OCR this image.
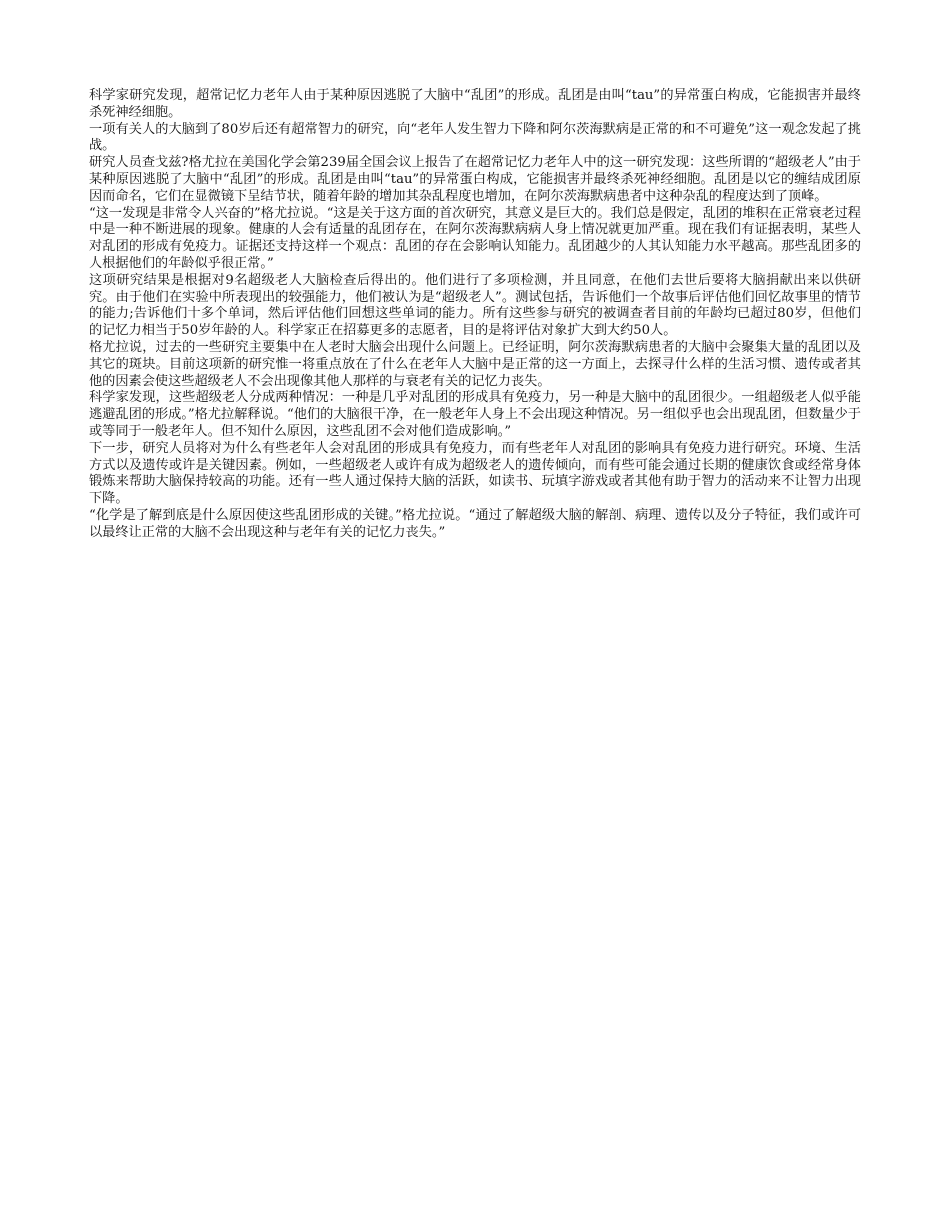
科学家研究发现，超常记忆力老年人由于某种原因逃脱了大脑中“乱团”的形成。乱团是由叫“tau”的异常蛋白构成，它能损害并最终杀死神经细胞。

一项有关人的大脑到了80岁后还有超常智力的研究，向“老年人发生智力下降和阿尔茨海默病是正常的和不可避免”这一观念发起了挑战。

研究人员查戈兹?格尤拉在美国化学会第239届全国会议上报告了在超常记忆力老年人中的这一研究发现：这些所谓的“超级老人”由于某种原因逃脱了大脑中“乱团”的形成。乱团是由叫“tau”的异常蛋白构成，它能损害并最终杀死神经细胞。乱团是以它的缠结成团原因而命名，它们在显微镜下呈结节状，随着年龄的增加其杂乱程度也增加，在阿尔茨海默病患者中这种杂乱的程度达到了顶峰。

“这一发现是非常令人兴奋的”格尤拉说。“这是关于这方面的首次研究，其意义是巨大的。我们总是假定，乱团的堆积在正常衰老过程中是一种不断进展的现象。健康的人会有适量的乱团存在，在阿尔茨海默病病人身上情况就更加严重。现在我们有证据表明，某些人对乱团的形成有免疫力。证据还支持这样一个观点：乱团的存在会影响认知能力。乱团越少的人其认知能力水平越高。那些乱团多的人根据他们的年龄似乎很正常。”

这项研究结果是根据对9名超级老人大脑检查后得出的。他们进行了多项检测，并且同意，在他们去世后要将大脑捐献出来以供研究。由于他们在实验中所表现出的较强能力，他们被认为是“超级老人”。测试包括，告诉他们一个故事后评估他们回忆故事里的情节的能力;告诉他们十多个单词，然后评估他们回想这些单词的能力。所有这些参与研究的被调查者目前的年龄均已超过80岁，但他们的记忆力相当于50岁年龄的人。科学家正在招募更多的志愿者，目的是将评估对象扩大到大约50人。

格尤拉说，过去的一些研究主要集中在人老时大脑会出现什么问题上。已经证明，阿尔茨海默病患者的大脑中会聚集大量的乱团以及其它的斑块。目前这项新的研究惟一将重点放在了什么在老年人大脑中是正常的这一方面上，去探寻什么样的生活习惯、遗传或者其他的因素会使这些超级老人不会出现像其他人那样的与衰老有关的记忆力丧失。

科学家发现，这些超级老人分成两种情况：一种是几乎对乱团的形成具有免疫力，另一种是大脑中的乱团很少。一组超级老人似乎能逃避乱团的形成。”格尤拉解释说。“他们的大脑很干净，在一般老年人身上不会出现这种情况。另一组似乎也会出现乱团，但数量少于或等同于一般老年人。但不知什么原因，这些乱团不会对他们造成影响。”

下一步，研究人员将对为什么有些老年人会对乱团的形成具有免疫力，而有些老年人对乱团的影响具有免疫力进行研究。环境、生活方式以及遗传或许是关键因素。例如，一些超级老人或许有成为超级老人的遗传倾向，而有些可能会通过长期的健康饮食或经常身体锻炼来帮助大脑保持较高的功能。还有一些人通过保持大脑的活跃，如读书、玩填字游戏或者其他有助于智力的活动来不让智力出现下降。

“化学是了解到底是什么原因使这些乱团形成的关键。”格尤拉说。“通过了解超级大脑的解剖、病理、遗传以及分子特征，我们或许可以最终让正常的大脑不会出现这种与老年有关的记忆力丧失。”
